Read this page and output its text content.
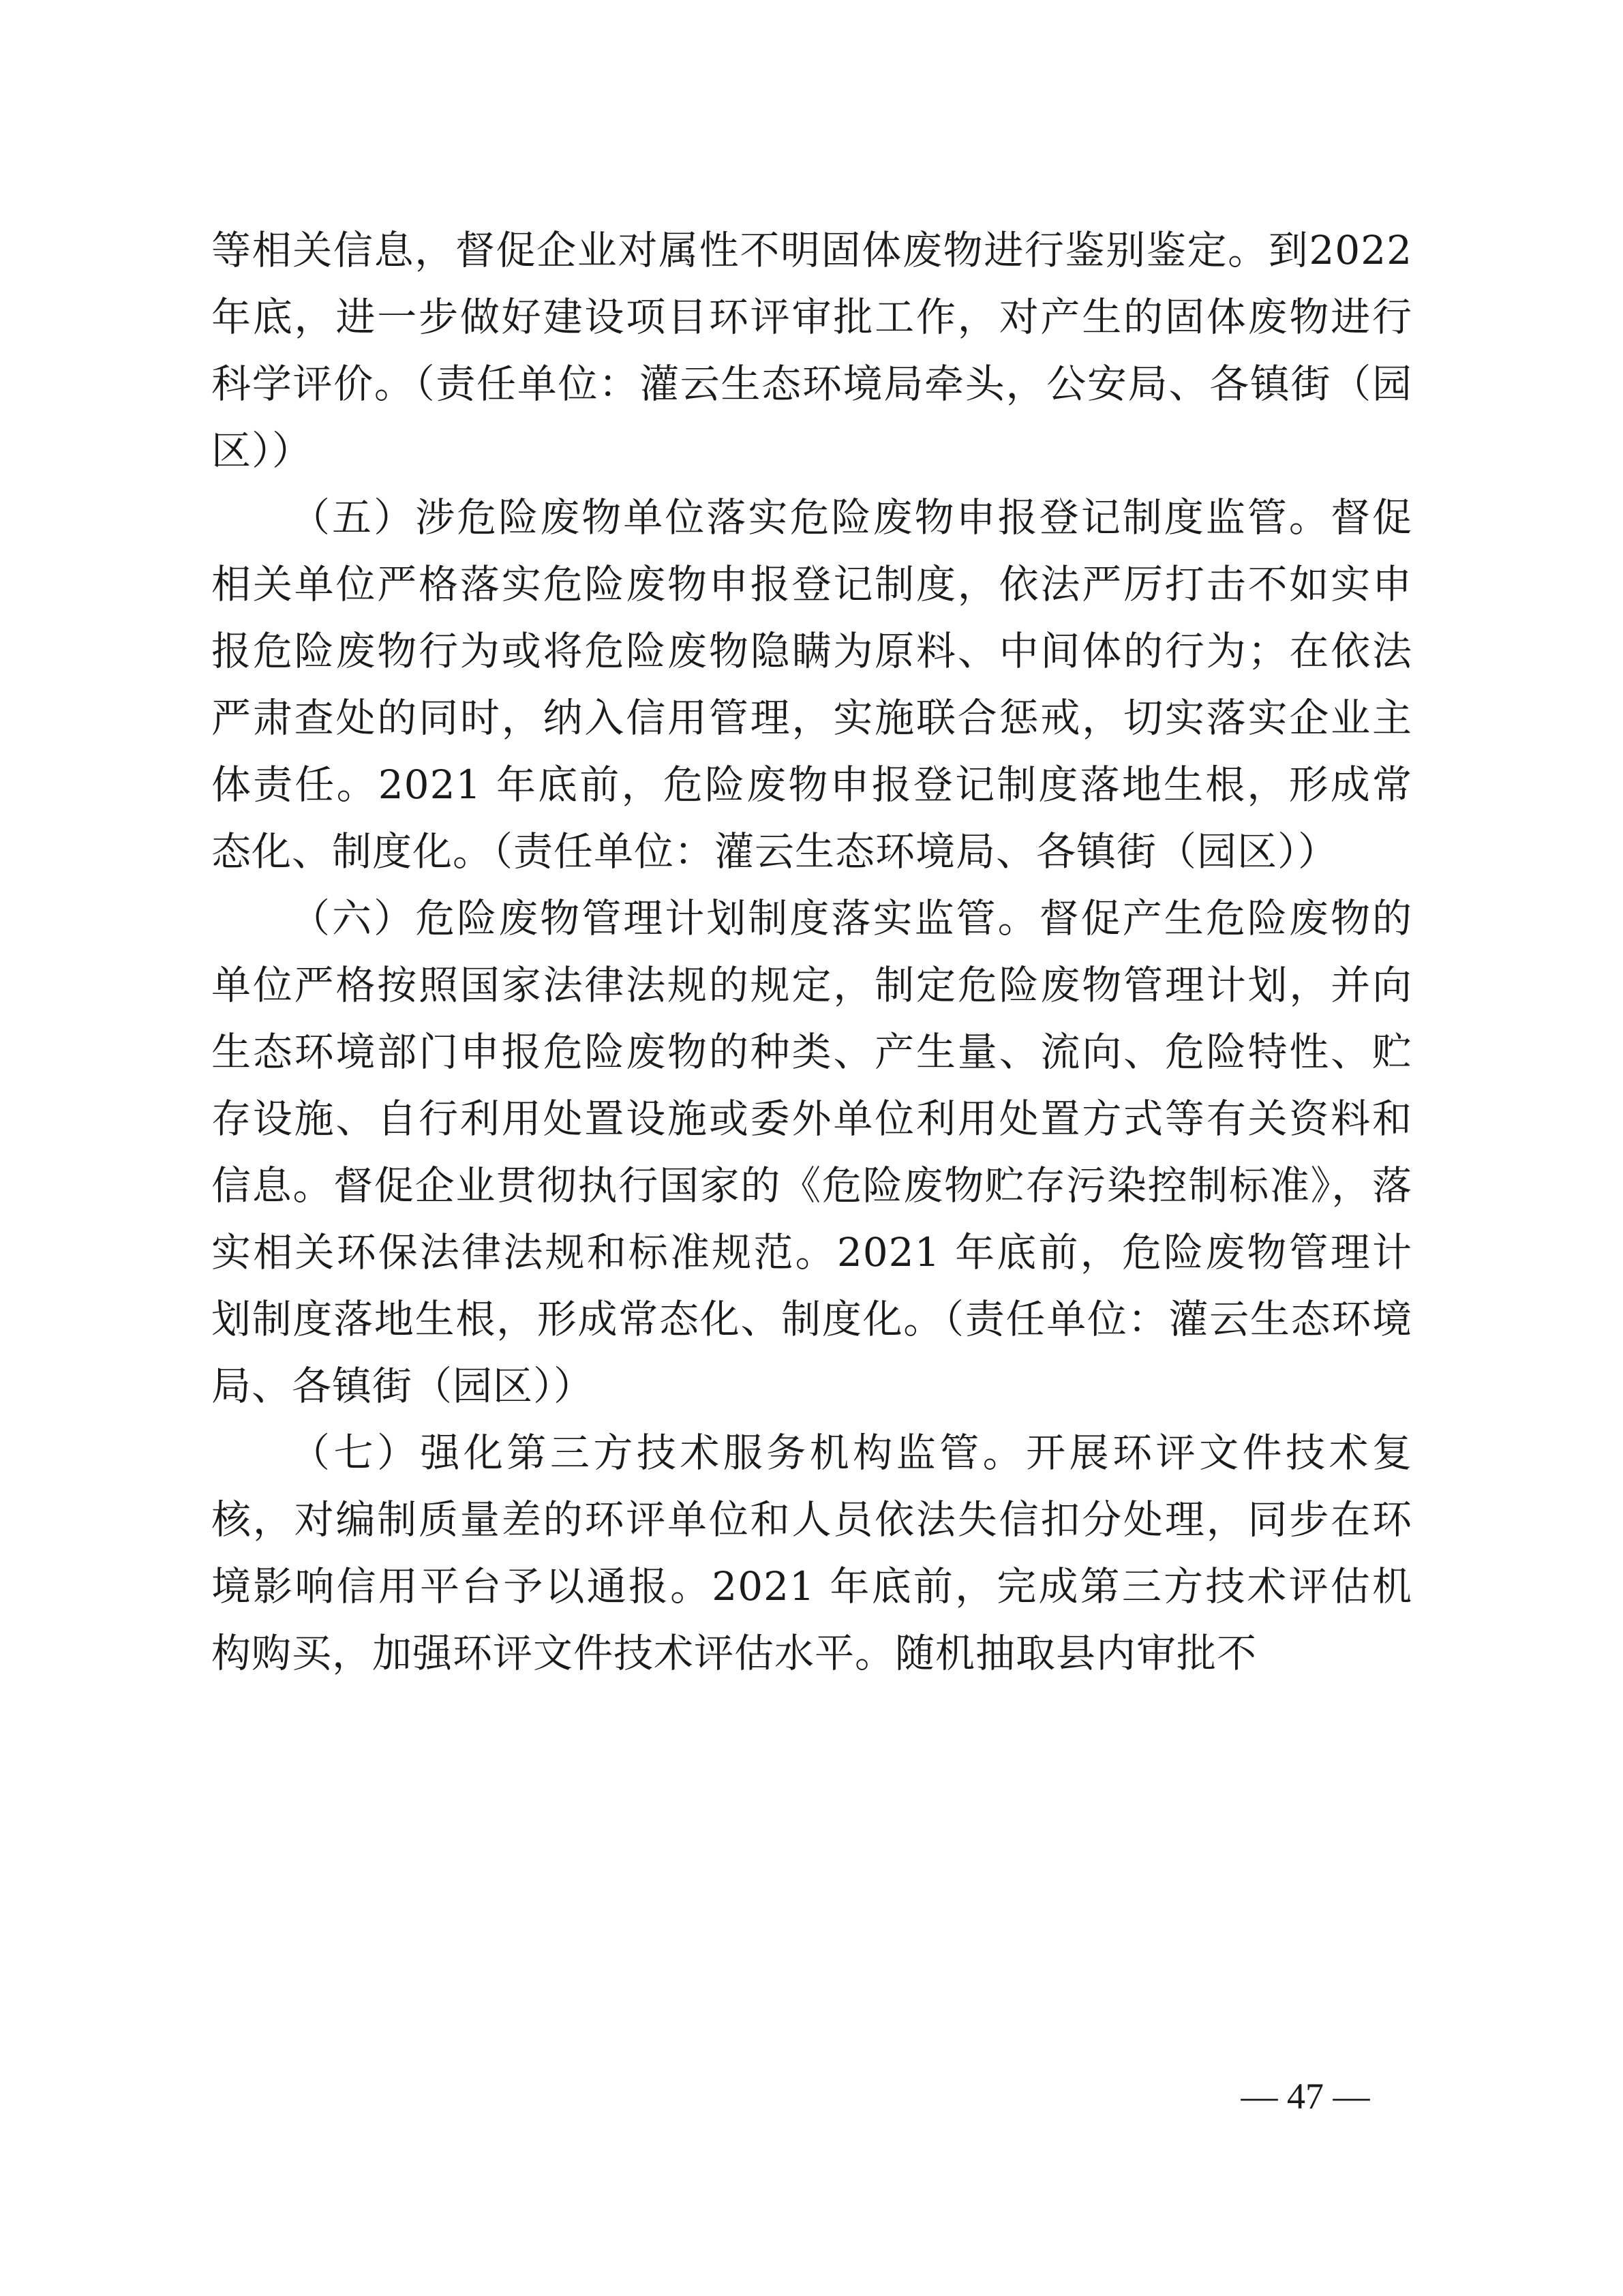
等相关信息，督促企业对属性不明固体废物进行鉴别鉴定。到2022 年底，进一步做好建设项目环评审批工作，对产生的固体废物进行科学评价。（责任单位：灌云生态环境局牵头，公安局、各镇街（园区））

（五）涉危险废物单位落实危险废物申报登记制度监管。督促相关单位严格落实危险废物申报登记制度，依法严厉打击不如实申报危险废物行为或将危险废物隐瞒为原料、中间体的行为；在依法严肃查处的同时，纳入信用管理，实施联合惩戒，切实落实企业主体责任。2021 年底前，危险废物申报登记制度落地生根，形成常态化、制度化。（责任单位：灌云生态环境局、各镇街（园区））

（六）危险废物管理计划制度落实监管。督促产生危险废物的单位严格按照国家法律法规的规定，制定危险废物管理计划，并向生态环境部门申报危险废物的种类、产生量、流向、危险特性、贮存设施、自行利用处置设施或委外单位利用处置方式等有关资料和信息。督促企业贯彻执行国家的《危险废物贮存污染控制标准》，落实相关环保法律法规和标准规范。2021 年底前，危险废物管理计划制度落地生根，形成常态化、制度化。（责任单位：灌云生态环境局、各镇街（园区））

（七）强化第三方技术服务机构监管。开展环评文件技术复核，对编制质量差的环评单位和人员依法失信扣分处理，同步在环境影响信用平台予以通报。2021 年底前，完成第三方技术评估机构购买，加强环评文件技术评估水平。随机抽取县内审批不

— 47 —
